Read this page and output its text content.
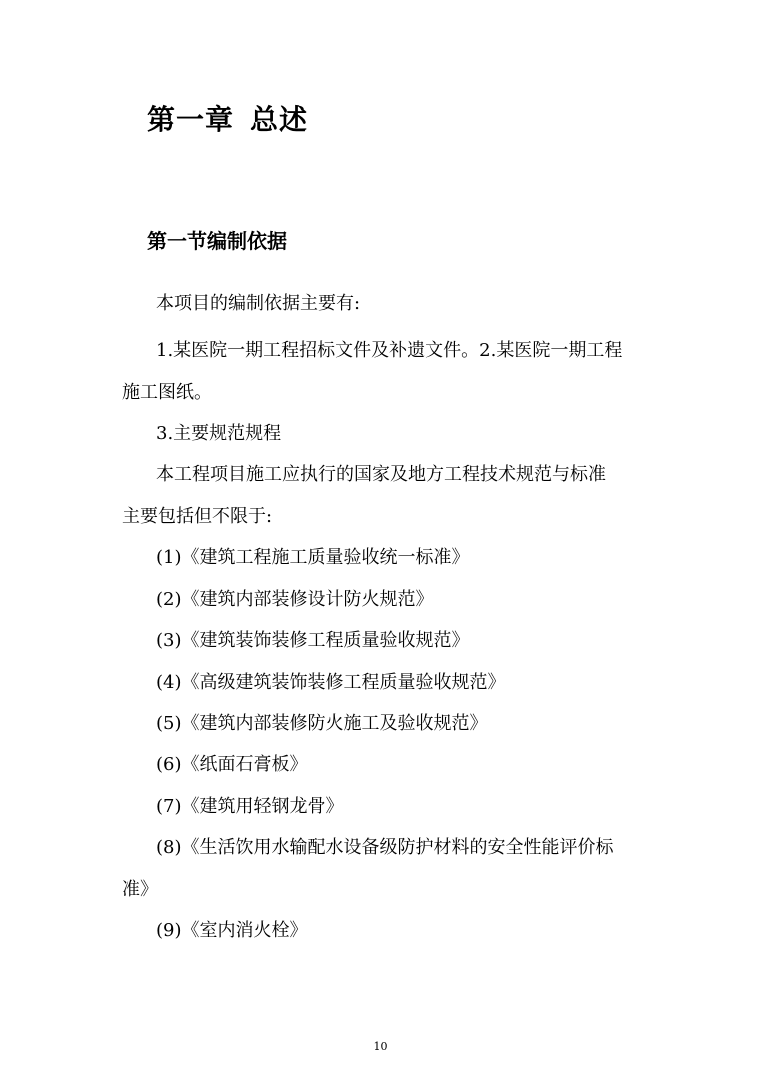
第一章 总述
第一节编制依据
本项目的编制依据主要有:
1.某医院一期工程招标文件及补遗文件。2.某医院一期工程
施工图纸。
3.主要规范规程
本工程项目施工应执行的国家及地方工程技术规范与标准
主要包括但不限于:
(1)《建筑工程施工质量验收统一标准》
(2)《建筑内部装修设计防火规范》
(3)《建筑装饰装修工程质量验收规范》
(4)《高级建筑装饰装修工程质量验收规范》
(5)《建筑内部装修防火施工及验收规范》
(6)《纸面石膏板》
(7)《建筑用轻钢龙骨》
(8)《生活饮用水输配水设备级防护材料的安全性能评价标
准》
(9)《室内消火栓》
10
